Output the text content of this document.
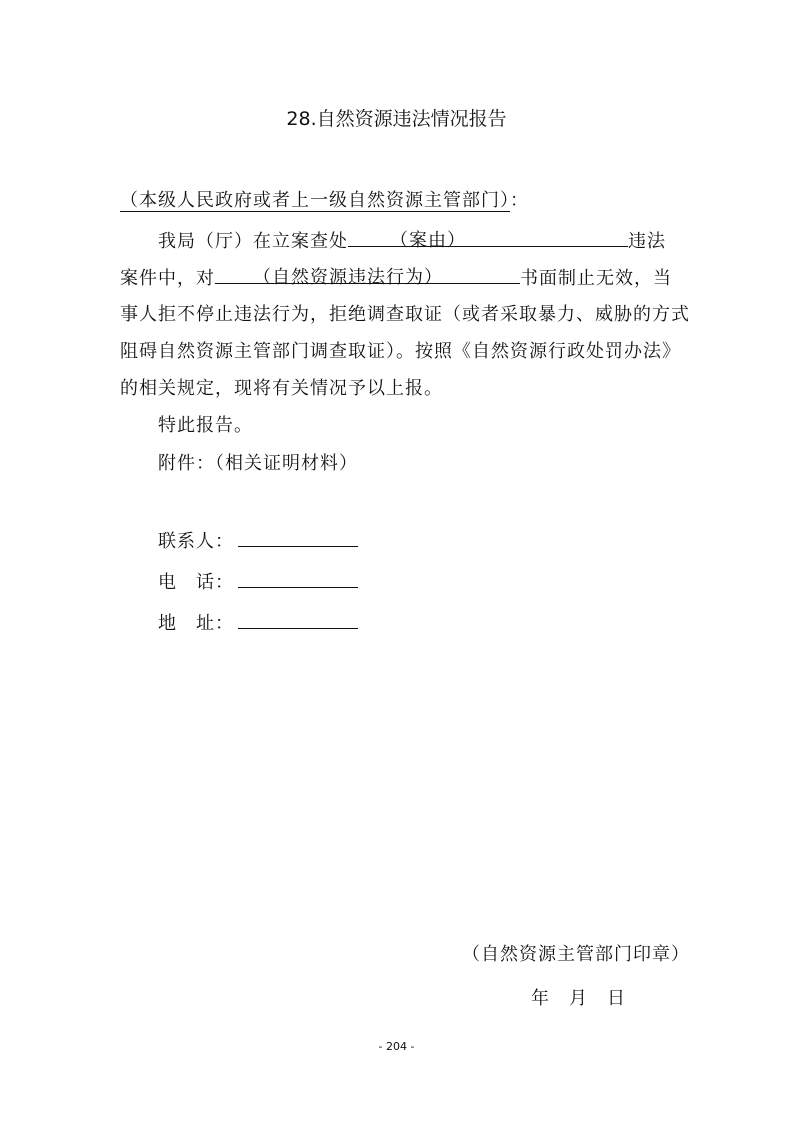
28.自然资源违法情况报告
（本级人民政府或者上一级自然资源主管部门）：
我局（厅）在立案查处 （案由）	违法
案件中，对 （自然资源违法行为）	书面制止无效，当
事人拒不停止违法行为，拒绝调查取证（或者采取暴力、威胁的方式
阻碍自然资源主管部门调查取证）。按照《自然资源行政处罚办法》
的相关规定，现将有关情况予以上报。
特此报告。
附件：（相关证明材料）
联系人：
电　话：
地　址：
（自然资源主管部门印章）
年　月　日
- 204 -
